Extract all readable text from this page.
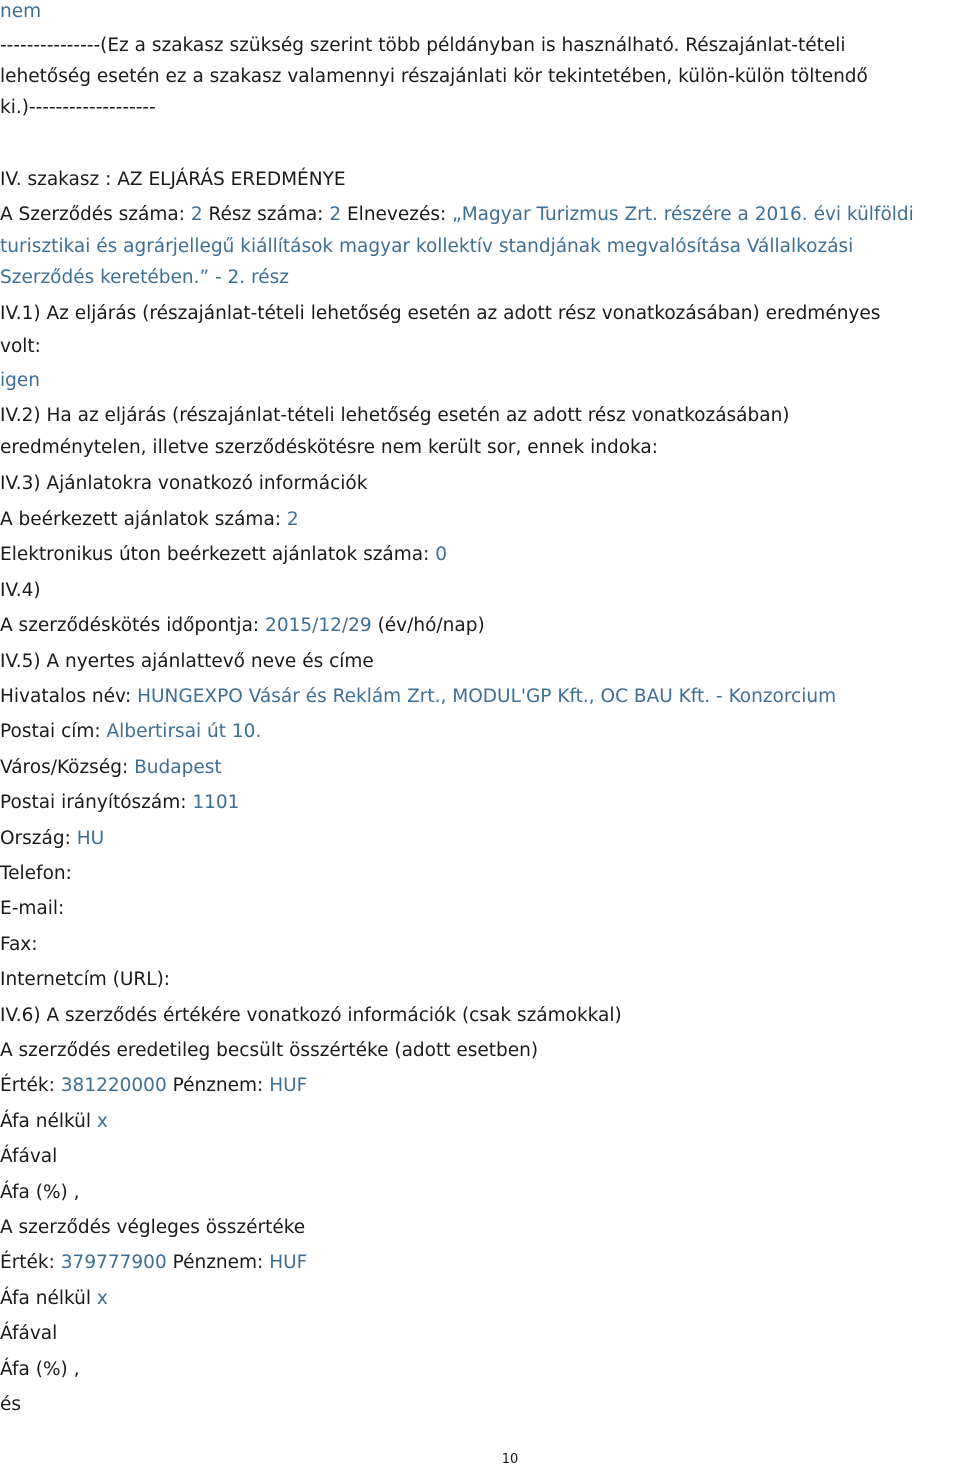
nem
---------------(Ez a szakasz szükség szerint több példányban is használható. Részajánlat-tételi
lehetőség esetén ez a szakasz valamennyi részajánlati kör tekintetében, külön-külön töltendő
ki.)-------------------
IV. szakasz : AZ ELJÁRÁS EREDMÉNYE
A Szerződés száma: 2 Rész száma: 2 Elnevezés: „Magyar Turizmus Zrt. részére a 2016. évi külföldi
turisztikai és agrárjellegű kiállítások magyar kollektív standjának megvalósítása Vállalkozási
Szerződés keretében.” - 2. rész
IV.1) Az eljárás (részajánlat-tételi lehetőség esetén az adott rész vonatkozásában) eredményes
volt:
igen
IV.2) Ha az eljárás (részajánlat-tételi lehetőség esetén az adott rész vonatkozásában)
eredménytelen, illetve szerződéskötésre nem került sor, ennek indoka:
IV.3) Ajánlatokra vonatkozó információk
A beérkezett ajánlatok száma: 2
Elektronikus úton beérkezett ajánlatok száma: 0
IV.4)
A szerződéskötés időpontja: 2015/12/29 (év/hó/nap)
IV.5) A nyertes ajánlattevő neve és címe
Hivatalos név: HUNGEXPO Vásár és Reklám Zrt., MODUL'GP Kft., OC BAU Kft. - Konzorcium
Postai cím: Albertirsai út 10.
Város/Község: Budapest
Postai irányítószám: 1101
Ország: HU
Telefon:
E-mail:
Fax:
Internetcím (URL):
IV.6) A szerződés értékére vonatkozó információk (csak számokkal)
A szerződés eredetileg becsült összértéke (adott esetben)
Érték: 381220000 Pénznem: HUF
Áfa nélkül x
Áfával
Áfa (%) ,
A szerződés végleges összértéke
Érték: 379777900 Pénznem: HUF
Áfa nélkül x
Áfával
Áfa (%) ,
és
10
